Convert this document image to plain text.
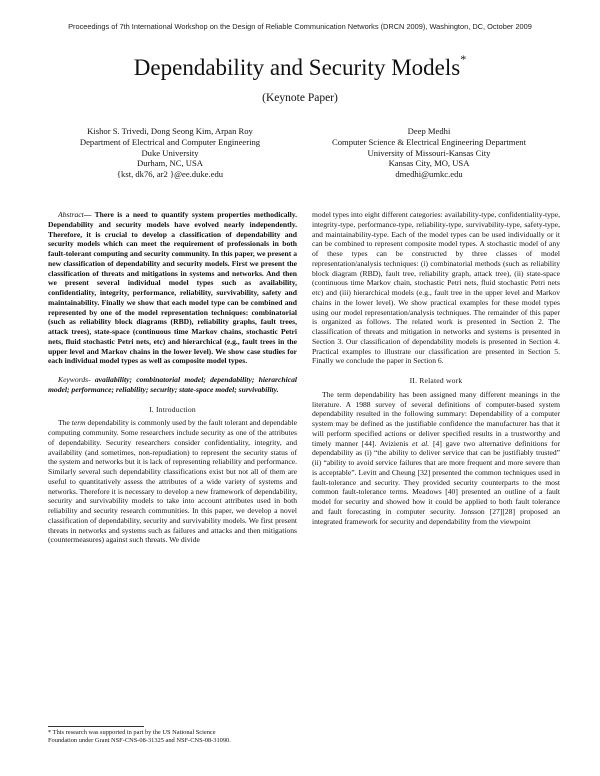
Proceedings of 7th International Workshop on the Design of Reliable Communication Networks (DRCN 2009), Washington, DC, October 2009
Dependability and Security Models*
(Keynote Paper)
Kishor S. Trivedi, Dong Seong Kim, Arpan Roy
Department of Electrical and Computer Engineering
Duke University
Durham, NC, USA
{kst, dk76, ar2 }@ee.duke.edu
Deep Medhi
Computer Science & Electrical Engineering Department
University of Missouri-Kansas City
Kansas City, MO, USA
dmedhi@umkc.edu

Abstract— There is a need to quantify system properties methodically. Dependability and security models have evolved nearly independently. Therefore, it is crucial to develop a classification of dependability and security models which can meet the requirement of professionals in both fault-tolerant computing and security community. In this paper, we present a new classification of dependability and security models. First we present the classification of threats and mitigations in systems and networks. And then we present several individual model types such as availability, confidentiality, integrity, performance, reliability, survivability, safety and maintainability. Finally we show that each model type can be combined and represented by one of the model representation techniques: combinatorial (such as reliability block diagrams (RBD), reliability graphs, fault trees, attack trees), state-space (continuous time Markov chains, stochastic Petri nets, fluid stochastic Petri nets, etc) and hierarchical (e.g., fault trees in the upper level and Markov chains in the lower level). We show case studies for each individual model types as well as composite model types.

Keywords- availability; combinatorial model; dependability; hierarchical model; performance; reliability; security; state-space model; survivability.

I. Introduction

The term dependability is commonly used by the fault tolerant and dependable computing community. Some researchers include security as one of the attributes of dependability. Security researchers consider confidentiality, integrity, and availability (and sometimes, non-repudiation) to represent the security status of the system and networks but it is lack of representing reliability and performance. Similarly several such dependability classifications exist but not all of them are useful to quantitatively assess the attributes of a wide variety of systems and networks. Therefore it is necessary to develop a new framework of dependability, security and survivability models to take into account attributes used in both reliability and security research communities. In this paper, we develop a novel classification of dependability, security and survivability models. We first present threats in networks and systems such as failures and attacks and then mitigations (countermeasures) against such threats. We divide

model types into eight different categories: availability-type, confidentiality-type, integrity-type, performance-type, reliability-type, survivability-type, safety-type, and maintainability-type. Each of the model types can be used individually or it can be combined to represent composite model types. A stochastic model of any of these types can be constructed by three classes of model representation/analysis techniques: (i) combinatorial methods (such as reliability block diagram (RBD), fault tree, reliability graph, attack tree), (ii) state-space (continuous time Markov chain, stochastic Petri nets, fluid stochastic Petri nets etc) and (iii) hierarchical models (e.g., fault tree in the upper level and Markov chains in the lower level). We show practical examples for these model types using our model representation/analysis techniques. The remainder of this paper is organized as follows. The related work is presented in Section 2. The classification of threats and mitigation in networks and systems is presented in Section 3. Our classification of dependability models is presented in Section 4. Practical examples to illustrate our classification are presented in Section 5. Finally we conclude the paper in Section 6.

II. Related work

The term dependability has been assigned many different meanings in the literature. A 1988 survey of several definitions of computer-based system dependability resulted in the following summary: Dependability of a computer system may be defined as the justifiable confidence the manufacturer has that it will perform specified actions or deliver specified results in a trustworthy and timely manner [44]. Avizienis et al. [4] gave two alternative definitions for dependability as (i) “the ability to deliver service that can be justifiably trusted” (ii) “ability to avoid service failures that are more frequent and more severe than is acceptable”. Levitt and Cheung [32] presented the common techniques used in fault-tolerance and security. They provided security counterparts to the most common fault-tolerance terms. Meadows [40] presented an outline of a fault model for security and showed how it could be applied to both fault tolerance and fault forecasting in computer security. Jonsson [27][28] proposed an integrated framework for security and dependability from the viewpoint

* This research was supported in part by the US National Science
Foundation under Grant NSF-CNS-08-31325 and NSF-CNS-08-31090.
